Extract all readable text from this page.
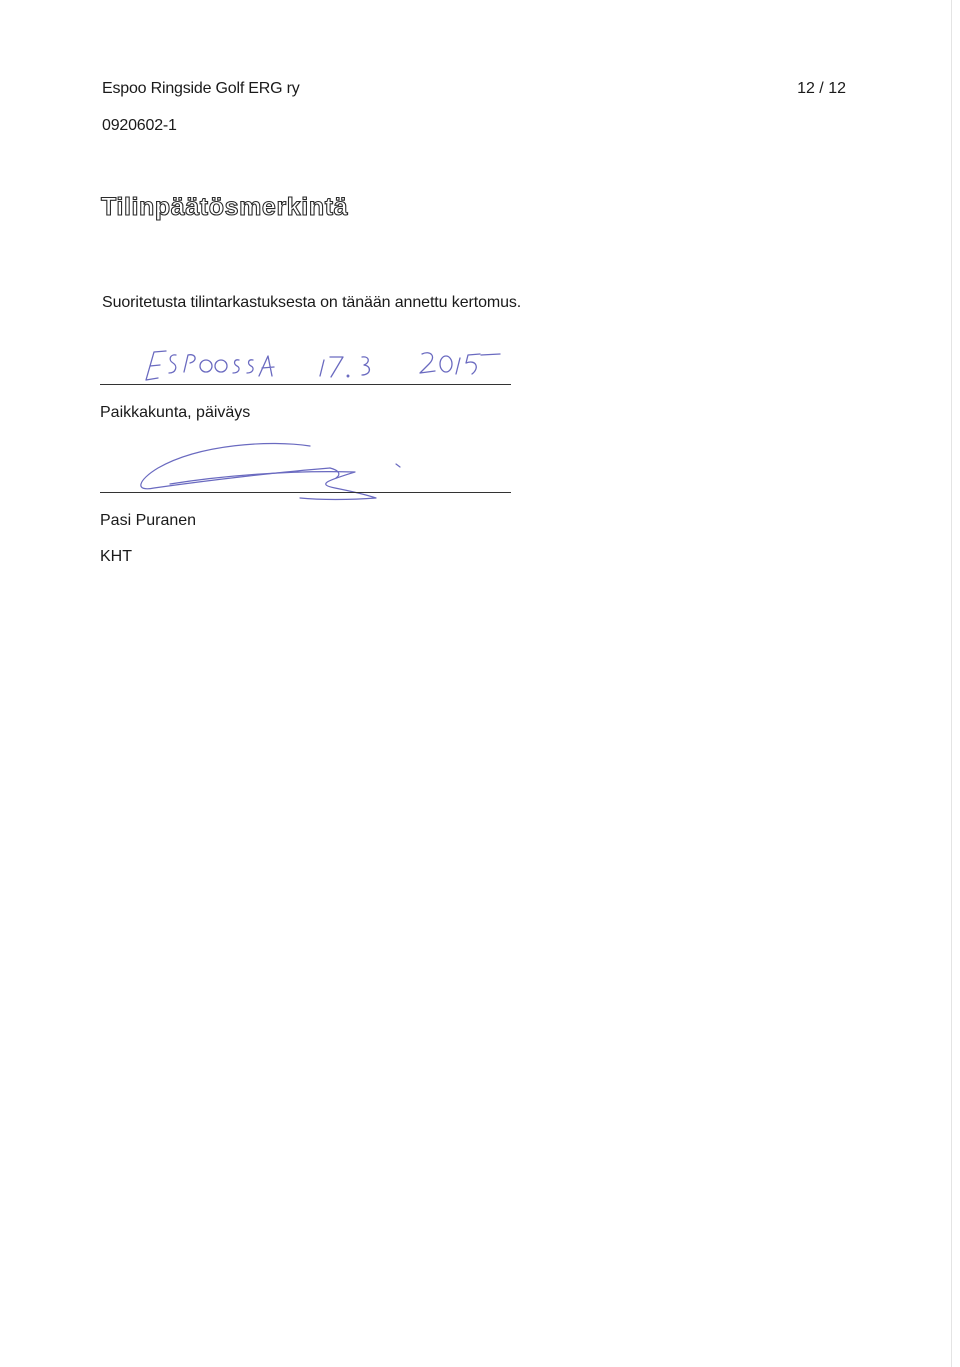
Espoo Ringside Golf ERG ry	12 / 12
0920602-1
Tilinpäätösmerkintä
Suoritetusta tilintarkastuksesta on tänään annettu kertomus.
Paikkakunta, päiväys
Pasi Puranen
KHT
